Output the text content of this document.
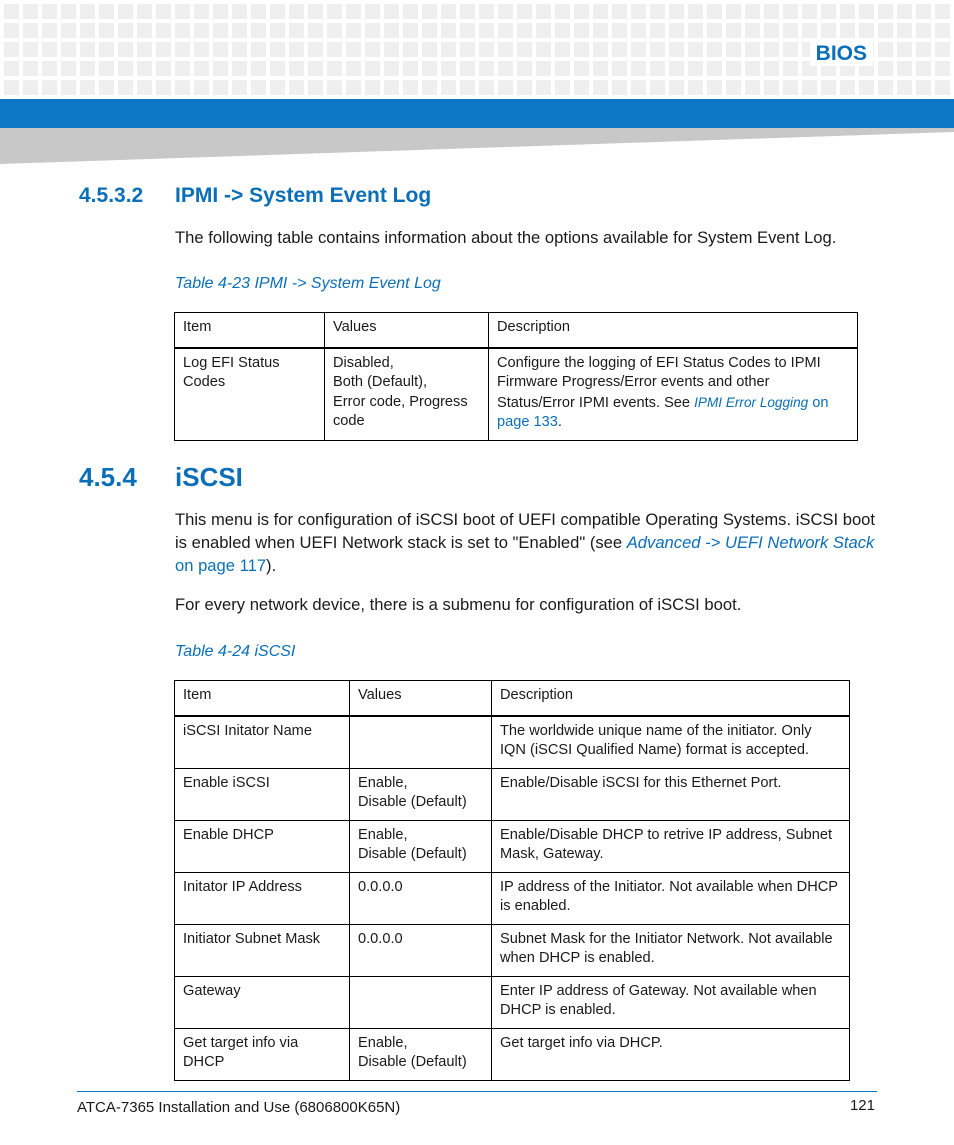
BIOS
4.5.3.2 IPMI -> System Event Log

The following table contains information about the options available for System Event Log.

Table 4-23 IPMI -> System Event Log
Item	Values	Description

Log EFI Status
Codes	Disabled,
Both (Default),
Error code, Progress
code	Configure the logging of EFI Status Codes to IPMI Firmware Progress/Error events and other Status/Error IPMI events. See IPMI Error Logging on page 133.
4.5.4 iSCSI

This menu is for configuration of iSCSI boot of UEFI compatible Operating Systems. iSCSI boot is enabled when UEFI Network stack is set to "Enabled" (see Advanced -> UEFI Network Stack on page 117).

For every network device, there is a submenu for configuration of iSCSI boot.

Table 4-24 iSCSI
Item	Values	Description

iSCSI Initator Name		The worldwide unique name of the initiator. Only IQN (iSCSI Qualified Name) format is accepted.

Enable iSCSI	Enable,
Disable (Default)	Enable/Disable iSCSI for this Ethernet Port.

Enable DHCP	Enable,
Disable (Default)	Enable/Disable DHCP to retrive IP address, Subnet Mask, Gateway.

Initator IP Address	0.0.0.0	IP address of the Initiator. Not available when DHCP is enabled.

Initiator Subnet Mask	0.0.0.0	Subnet Mask for the Initiator Network. Not available when DHCP is enabled.

Gateway		Enter IP address of Gateway. Not available when DHCP is enabled.

Get target info via
DHCP	Enable,
Disable (Default)	Get target info via DHCP.
ATCA-7365 Installation and Use (6806800K65N)	121
